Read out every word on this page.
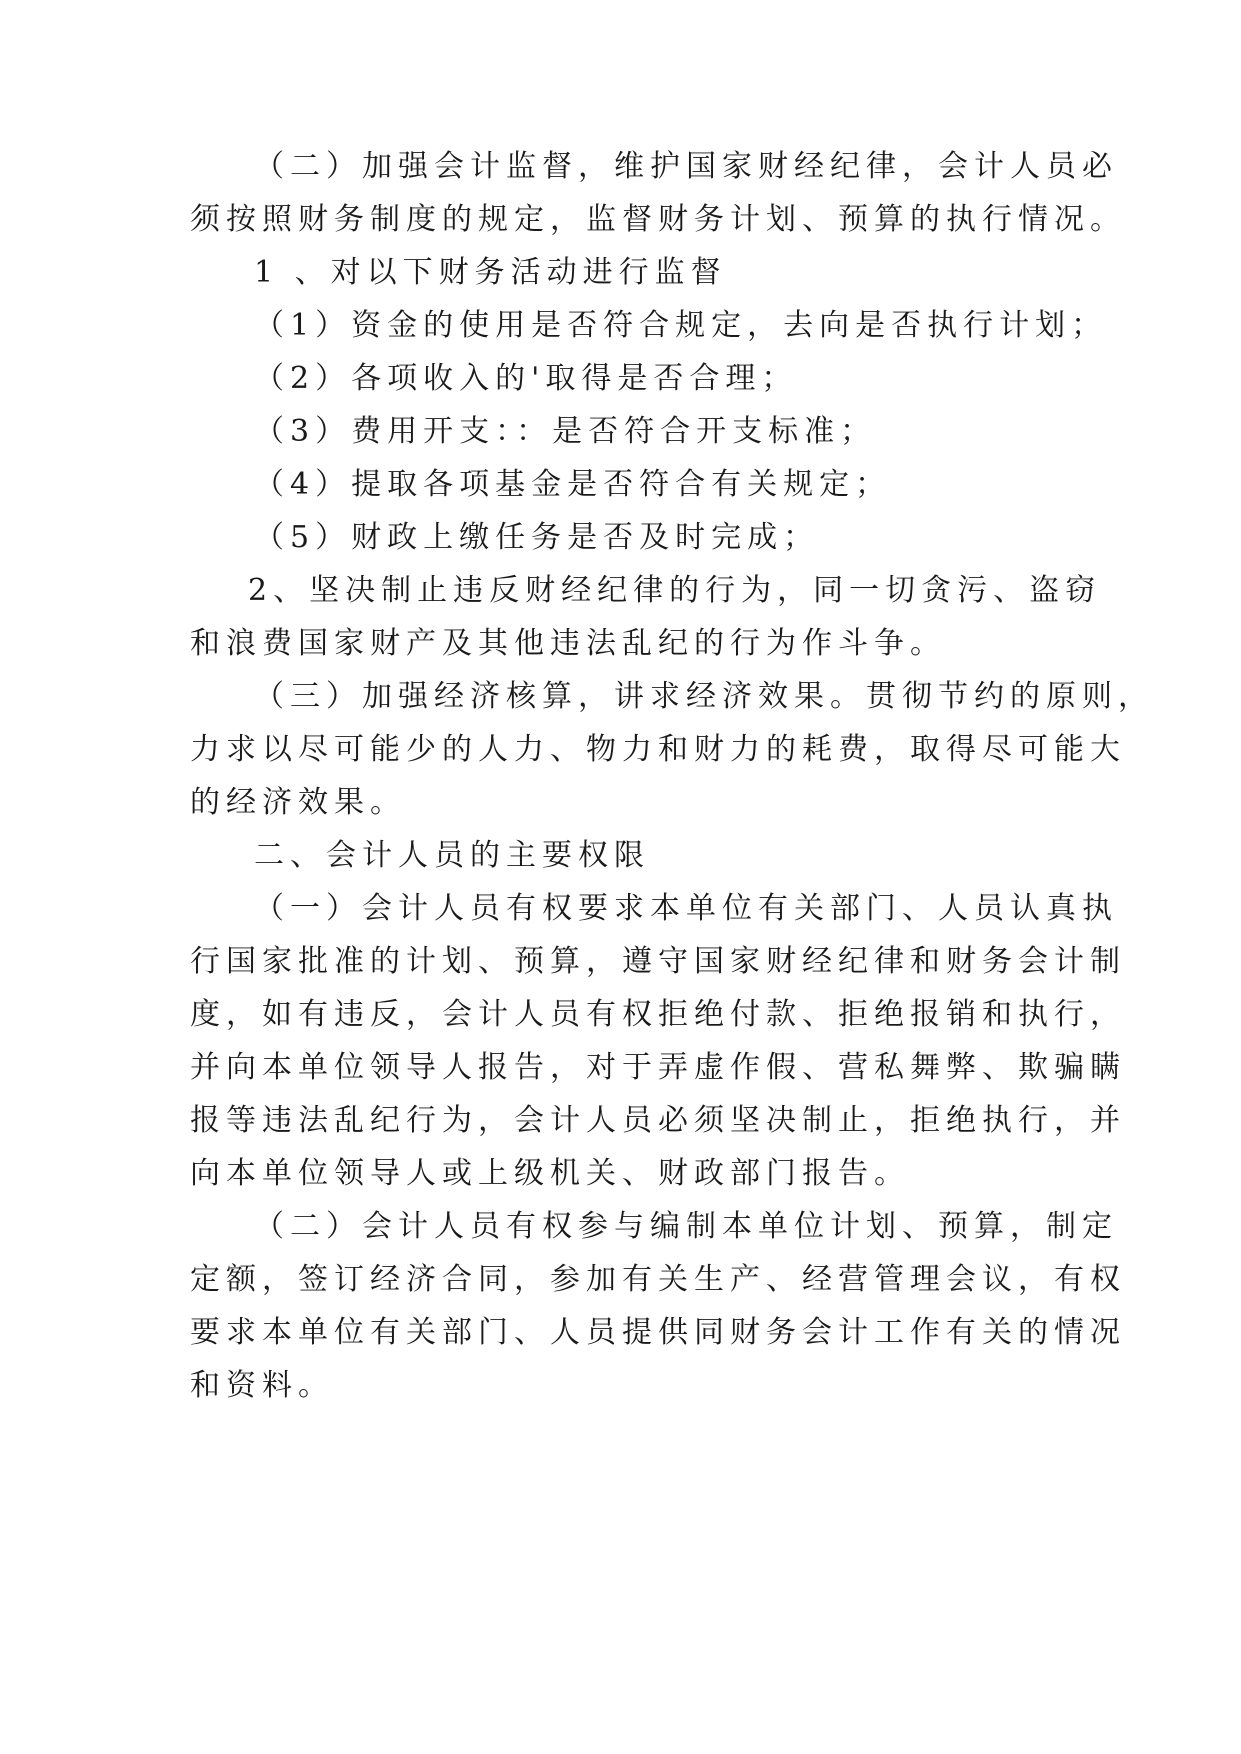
（二）加强会计监督，维护国家财经纪律，会计人员必
须按照财务制度的规定，监督财务计划、预算的执行情况。
1 、对以下财务活动进行监督
（1）资金的使用是否符合规定，去向是否执行计划；
（2）各项收入的'取得是否合理；
（3）费用开支：：是否符合开支标准；
（4）提取各项基金是否符合有关规定；
（5）财政上缴任务是否及时完成；
2、坚决制止违反财经纪律的行为，同一切贪污、盗窃
和浪费国家财产及其他违法乱纪的行为作斗争。
（三）加强经济核算，讲求经济效果。贯彻节约的原则，
力求以尽可能少的人力、物力和财力的耗费，取得尽可能大
的经济效果。
二、会计人员的主要权限
（一）会计人员有权要求本单位有关部门、人员认真执
行国家批准的计划、预算，遵守国家财经纪律和财务会计制
度，如有违反，会计人员有权拒绝付款、拒绝报销和执行，
并向本单位领导人报告，对于弄虚作假、营私舞弊、欺骗瞒
报等违法乱纪行为，会计人员必须坚决制止，拒绝执行，并
向本单位领导人或上级机关、财政部门报告。
（二）会计人员有权参与编制本单位计划、预算，制定
定额，签订经济合同，参加有关生产、经营管理会议，有权
要求本单位有关部门、人员提供同财务会计工作有关的情况
和资料。
